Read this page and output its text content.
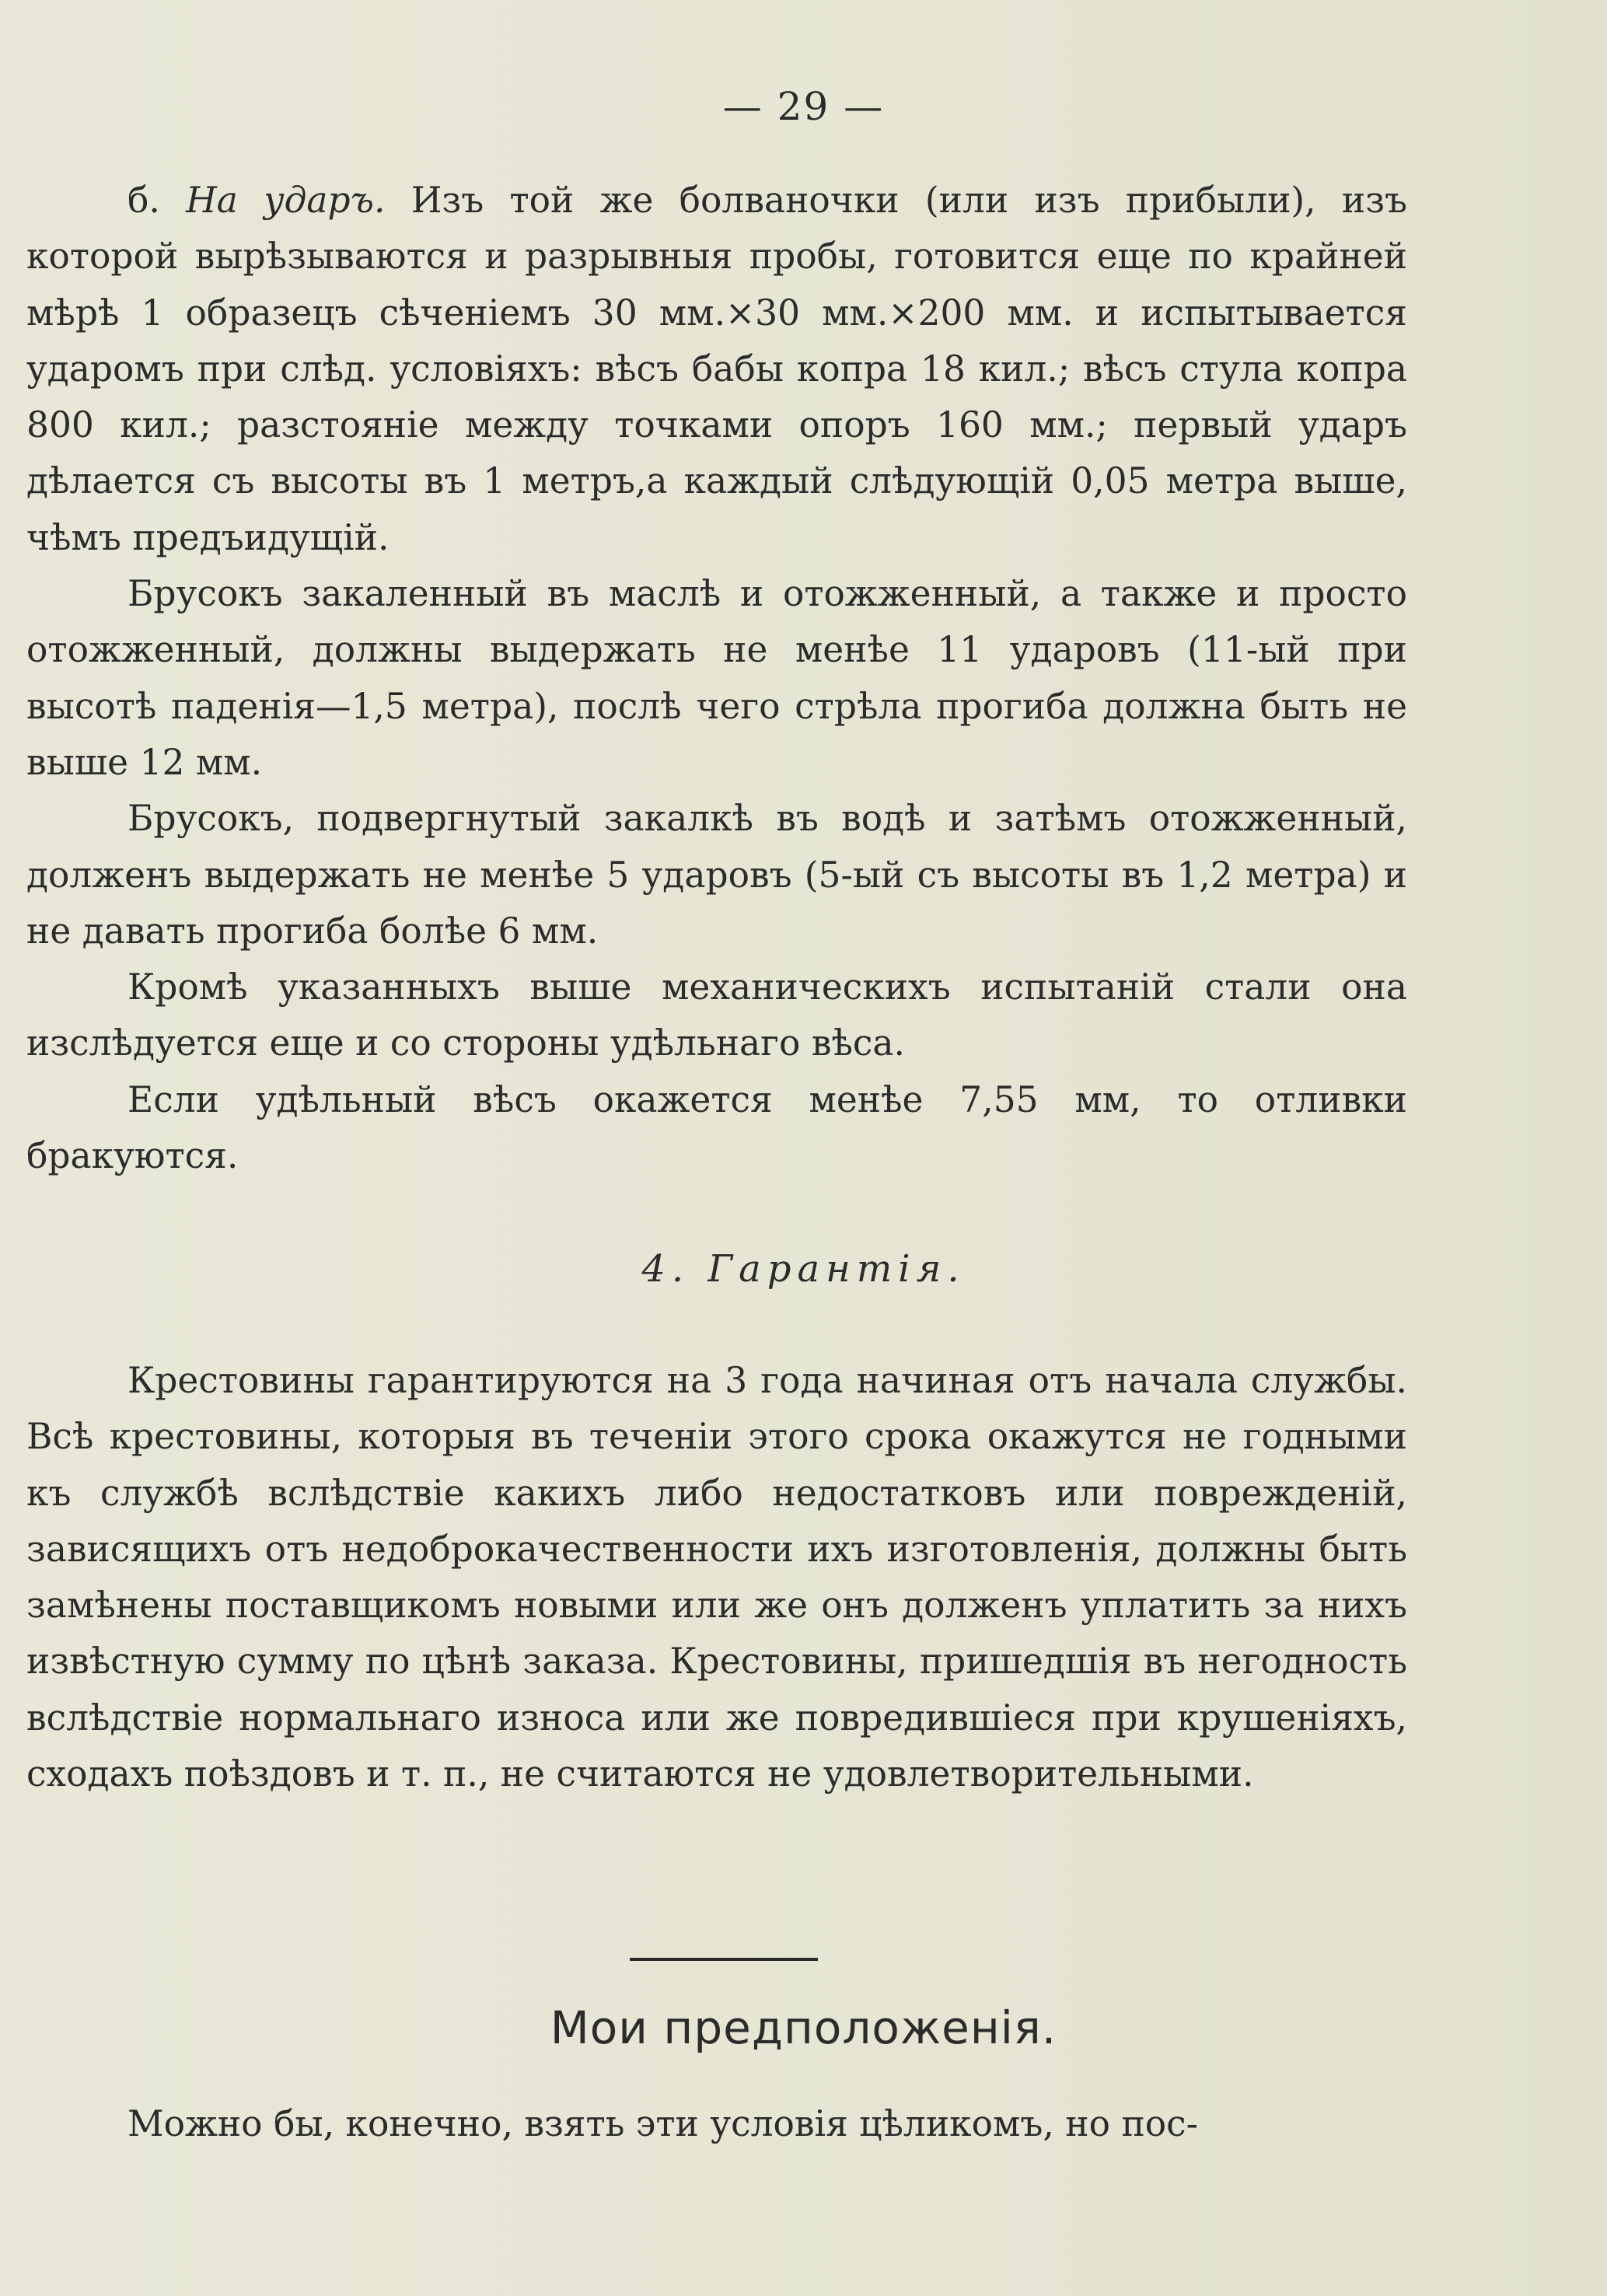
— 29 —

б. На ударъ. Изъ той же болваночки (или изъ прибыли), изъ которой вырѣзываются и разрывныя пробы, готовится еще по крайней мѣрѣ 1 образецъ сѣченіемъ 30 мм.×30 мм.×200 мм. и испытывается ударомъ при слѣд. условіяхъ: вѣсъ бабы копра 18 кил.; вѣсъ стула копра 800 кил.; разстояніе между точками опоръ 160 мм.; первый ударъ дѣлается съ высоты въ 1 метръ,а каждый слѣдующій 0,05 метра выше, чѣмъ предъидущій.

Брусокъ закаленный въ маслѣ и отожженный, а также и просто отожженный, должны выдержать не менѣе 11 ударовъ (11-ый при высотѣ паденія—1,5 метра), послѣ чего стрѣла прогиба должна быть не выше 12 мм.

Брусокъ, подвергнутый закалкѣ въ водѣ и затѣмъ отожженный, долженъ выдержать не менѣе 5 ударовъ (5-ый съ высоты въ 1,2 метра) и не давать прогиба болѣе 6 мм.

Кромѣ указанныхъ выше механическихъ испытаній стали она изслѣдуется еще и со стороны удѣльнаго вѣса.

Если удѣльный вѣсъ окажется менѣе 7,55 мм, то отливки бракуются.

4. Гарантія.

Крестовины гарантируются на 3 года начиная отъ начала службы. Всѣ крестовины, которыя въ теченіи этого срока окажутся не годными къ службѣ вслѣдствіе какихъ либо недостатковъ или поврежденій, зависящихъ отъ недоброкачественности ихъ изготовленія, должны быть замѣнены поставщикомъ новыми или же онъ долженъ уплатить за нихъ извѣстную сумму по цѣнѣ заказа. Крестовины, пришедшія въ негодность вслѣдствіе нормальнаго износа или же повредившіеся при крушеніяхъ, сходахъ поѣздовъ и т. п., не считаются не удовлетворительными.

Мои предположенія.

Можно бы, конечно, взять эти условія цѣликомъ, но пос-
